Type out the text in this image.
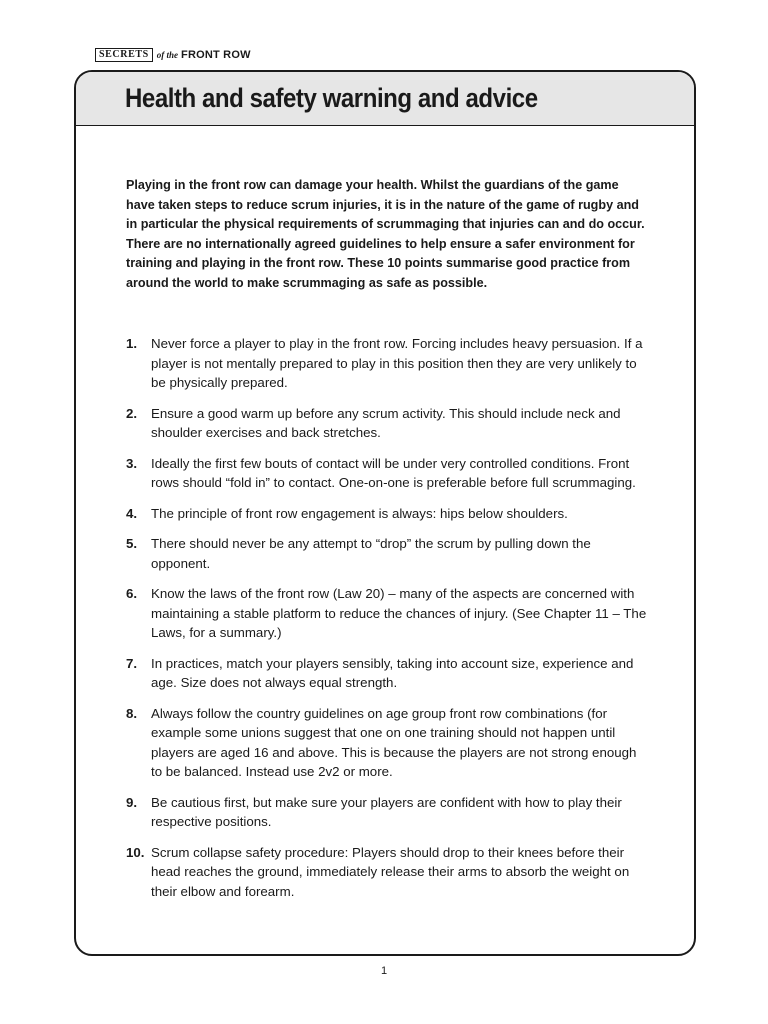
SECRETS of the FRONT ROW
Health and safety warning and advice

Playing in the front row can damage your health. Whilst the guardians of the game have taken steps to reduce scrum injuries, it is in the nature of the game of rugby and in particular the physical requirements of scrummaging that injuries can and do occur. There are no internationally agreed guidelines to help ensure a safer environment for training and playing in the front row. These 10 points summarise good practice from around the world to make scrummaging as safe as possible.

1. Never force a player to play in the front row. Forcing includes heavy persuasion. If a player is not mentally prepared to play in this position then they are very unlikely to be physically prepared.
2. Ensure a good warm up before any scrum activity. This should include neck and shoulder exercises and back stretches.
3. Ideally the first few bouts of contact will be under very controlled conditions. Front rows should “fold in” to contact. One-on-one is preferable before full scrummaging.
4. The principle of front row engagement is always: hips below shoulders.
5. There should never be any attempt to “drop” the scrum by pulling down the opponent.
6. Know the laws of the front row (Law 20) – many of the aspects are concerned with maintaining a stable platform to reduce the chances of injury. (See Chapter 11 – The Laws, for a summary.)
7. In practices, match your players sensibly, taking into account size, experience and age. Size does not always equal strength.
8. Always follow the country guidelines on age group front row combinations (for example some unions suggest that one on one training should not happen until players are aged 16 and above. This is because the players are not strong enough to be balanced. Instead use 2v2 or more.
9. Be cautious first, but make sure your players are confident with how to play their respective positions.
10. Scrum collapse safety procedure: Players should drop to their knees before their head reaches the ground, immediately release their arms to absorb the weight on their elbow and forearm.
1
